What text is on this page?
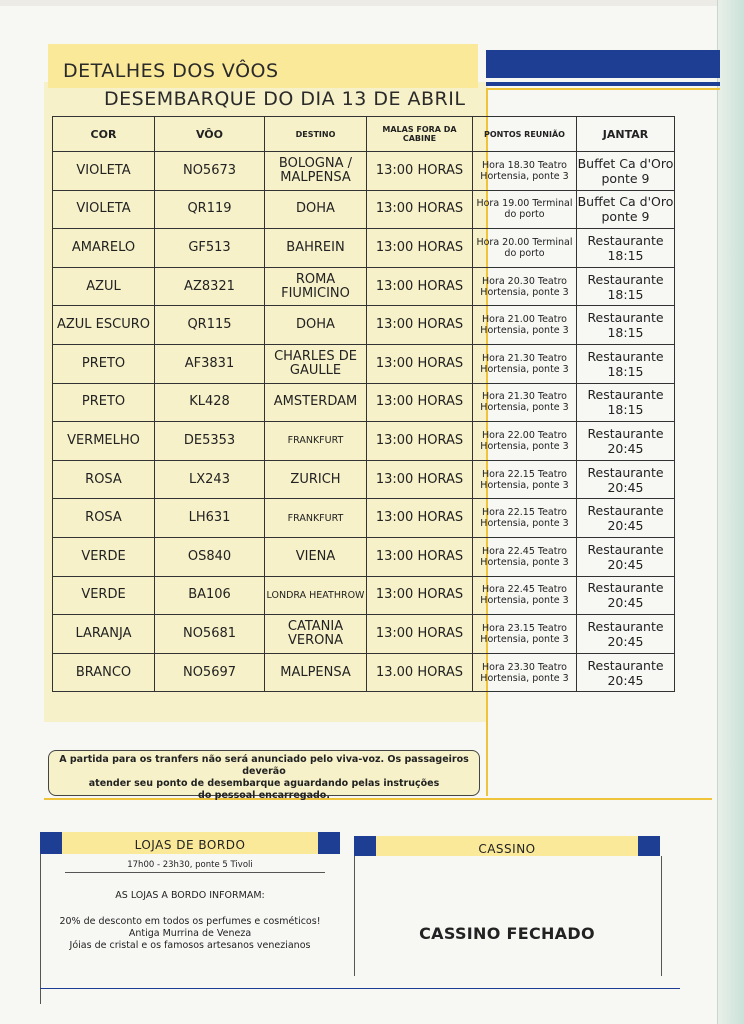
DETALHES DOS VÔOS
DESEMBARQUE DO DIA 13 DE ABRIL
COR	VÔO	DESTINO	MALAS FORA DA CABINE	PONTOS REUNIÃO	JANTAR
VIOLETA	NO5673	BOLOGNA / MALPENSA	13:00 HORAS	Hora 18.30 Teatro Hortensia, ponte 3	Buffet Ca d'Oro ponte 9
VIOLETA	QR119	DOHA	13:00 HORAS	Hora 19.00 Terminal do porto	Buffet Ca d'Oro ponte 9
AMARELO	GF513	BAHREIN	13:00 HORAS	Hora 20.00 Terminal do porto	Restaurante 18:15
AZUL	AZ8321	ROMA FIUMICINO	13:00 HORAS	Hora 20.30 Teatro Hortensia, ponte 3	Restaurante 18:15
AZUL ESCURO	QR115	DOHA	13:00 HORAS	Hora 21.00 Teatro Hortensia, ponte 3	Restaurante 18:15
PRETO	AF3831	CHARLES DE GAULLE	13:00 HORAS	Hora 21.30 Teatro Hortensia, ponte 3	Restaurante 18:15
PRETO	KL428	AMSTERDAM	13:00 HORAS	Hora 21.30 Teatro Hortensia, ponte 3	Restaurante 18:15
VERMELHO	DE5353	FRANKFURT	13:00 HORAS	Hora 22.00 Teatro Hortensia, ponte 3	Restaurante 20:45
ROSA	LX243	ZURICH	13:00 HORAS	Hora 22.15 Teatro Hortensia, ponte 3	Restaurante 20:45
ROSA	LH631	FRANKFURT	13:00 HORAS	Hora 22.15 Teatro Hortensia, ponte 3	Restaurante 20:45
VERDE	OS840	VIENA	13:00 HORAS	Hora 22.45 Teatro Hortensia, ponte 3	Restaurante 20:45
VERDE	BA106	LONDRA HEATHROW	13:00 HORAS	Hora 22.45 Teatro Hortensia, ponte 3	Restaurante 20:45
LARANJA	NO5681	CATANIA VERONA	13:00 HORAS	Hora 23.15 Teatro Hortensia, ponte 3	Restaurante 20:45
BRANCO	NO5697	MALPENSA	13.00 HORAS	Hora 23.30 Teatro Hortensia, ponte 3	Restaurante 20:45
A partida para os tranfers não será anunciado pelo viva-voz. Os passageiros deverão
atender seu ponto de desembarque aguardando pelas instruções
do pessoal encarregado.
LOJAS DE BORDO
17h00 - 23h30, ponte 5 Tivoli
AS LOJAS A BORDO INFORMAM:
20% de desconto em todos os perfumes e cosméticos!
Antiga Murrina de Veneza
Jóias de cristal e os famosos artesanos venezianos
CASSINO
CASSINO FECHADO
